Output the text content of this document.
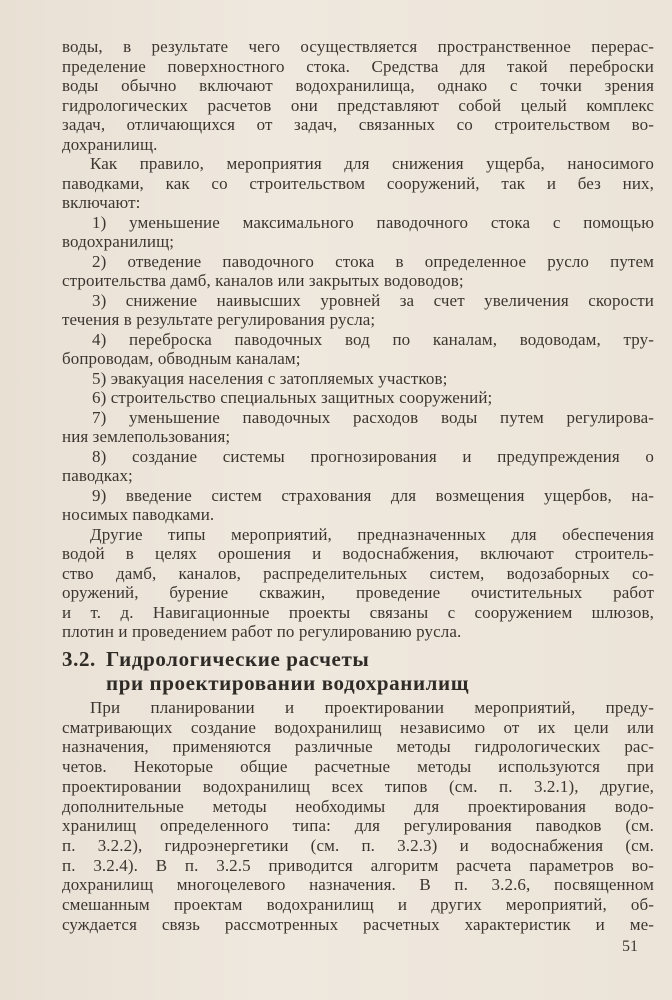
3.2. Гидрологические расчеты
при проектировании водохранилищ
51
воды, в результате чего осуществляется пространственное перерас-
пределение поверхностного стока. Средства для такой переброски
воды обычно включают водохранилища, однако с точки зрения
гидрологических расчетов они представляют собой целый комплекс
задач, отличающихся от задач, связанных со строительством во-
дохранилищ.
Как правило, мероприятия для снижения ущерба, наносимого
паводками, как со строительством сооружений, так и без них,
включают:
1) уменьшение максимального паводочного стока с помощью
водохранилищ;
2) отведение паводочного стока в определенное русло путем
строительства дамб, каналов или закрытых водоводов;
3) снижение наивысших уровней за счет увеличения скорости
течения в результате регулирования русла;
4) переброска паводочных вод по каналам, водоводам, тру-
бопроводам, обводным каналам;
5) эвакуация населения с затопляемых участков;
6) строительство специальных защитных сооружений;
7) уменьшение паводочных расходов воды путем регулирова-
ния землепользования;
8) создание системы прогнозирования и предупреждения о
паводках;
9) введение систем страхования для возмещения ущербов, на-
носимых паводками.
Другие типы мероприятий, предназначенных для обеспечения
водой в целях орошения и водоснабжения, включают строитель-
ство дамб, каналов, распределительных систем, водозаборных со-
оружений, бурение скважин, проведение очистительных работ
и т. д. Навигационные проекты связаны с сооружением шлюзов,
плотин и проведением работ по регулированию русла.
При планировании и проектировании мероприятий, преду-
сматривающих создание водохранилищ независимо от их цели или
назначения, применяются различные методы гидрологических рас-
четов. Некоторые общие расчетные методы используются при
проектировании водохранилищ всех типов (см. п. 3.2.1), другие,
дополнительные методы необходимы для проектирования водо-
хранилищ определенного типа: для регулирования паводков (см.
п. 3.2.2), гидроэнергетики (см. п. 3.2.3) и водоснабжения (см.
п. 3.2.4). В п. 3.2.5 приводится алгоритм расчета параметров во-
дохранилищ многоцелевого назначения. В п. 3.2.6, посвященном
смешанным проектам водохранилищ и других мероприятий, об-
суждается связь рассмотренных расчетных характеристик и ме-
